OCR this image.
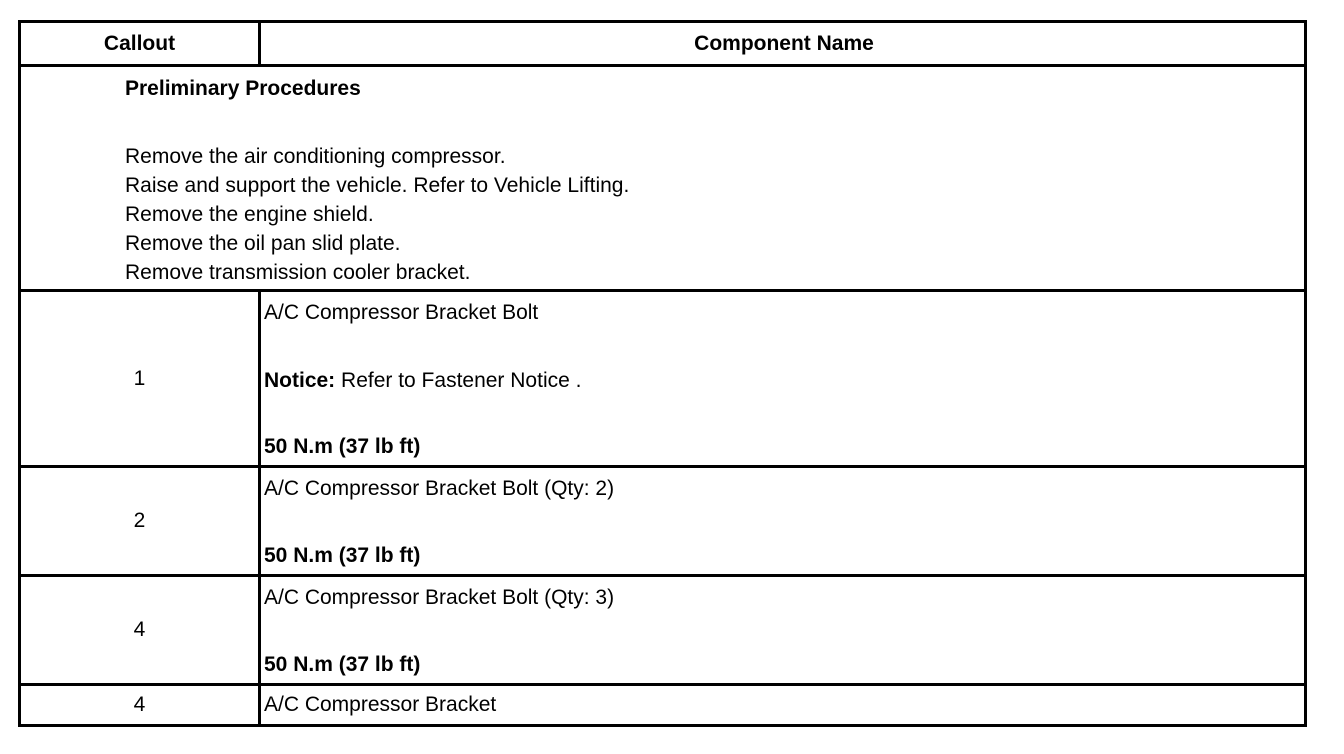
Callout	Component Name
Preliminary Procedures
Remove the air conditioning compressor.
Raise and support the vehicle. Refer to Vehicle Lifting.
Remove the engine shield.
Remove the oil pan slid plate.
Remove transmission cooler bracket.
1
A/C Compressor Bracket Bolt
Notice: Refer to Fastener Notice .
50 N.m (37 lb ft)
2
A/C Compressor Bracket Bolt (Qty: 2)
50 N.m (37 lb ft)
4
A/C Compressor Bracket Bolt (Qty: 3)
50 N.m (37 lb ft)
4	A/C Compressor Bracket
